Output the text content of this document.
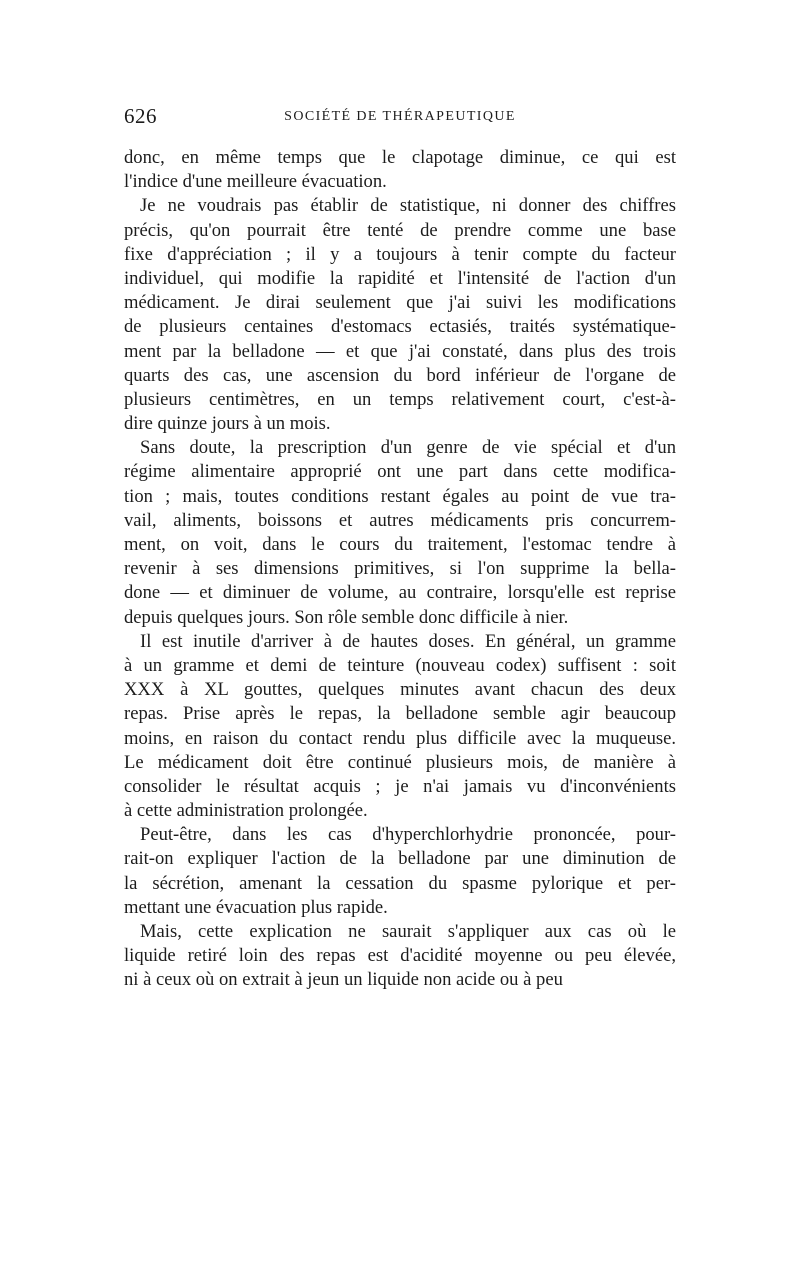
626	SOCIÉTÉ DE THÉRAPEUTIQUE
donc, en même temps que le clapotage diminue, ce qui est
l'indice d'une meilleure évacuation.
Je ne voudrais pas établir de statistique, ni donner des chiffres
précis, qu'on pourrait être tenté de prendre comme une base
fixe d'appréciation ; il y a toujours à tenir compte du facteur
individuel, qui modifie la rapidité et l'intensité de l'action d'un
médicament. Je dirai seulement que j'ai suivi les modifications
de plusieurs centaines d'estomacs ectasiés, traités systématique-
ment par la belladone — et que j'ai constaté, dans plus des trois
quarts des cas, une ascension du bord inférieur de l'organe de
plusieurs centimètres, en un temps relativement court, c'est-à-
dire quinze jours à un mois.
Sans doute, la prescription d'un genre de vie spécial et d'un
régime alimentaire approprié ont une part dans cette modifica-
tion ; mais, toutes conditions restant égales au point de vue tra-
vail, aliments, boissons et autres médicaments pris concurrem-
ment, on voit, dans le cours du traitement, l'estomac tendre à
revenir à ses dimensions primitives, si l'on supprime la bella-
done — et diminuer de volume, au contraire, lorsqu'elle est reprise
depuis quelques jours. Son rôle semble donc difficile à nier.
Il est inutile d'arriver à de hautes doses. En général, un gramme
à un gramme et demi de teinture (nouveau codex) suffisent : soit
XXX à XL gouttes, quelques minutes avant chacun des deux
repas. Prise après le repas, la belladone semble agir beaucoup
moins, en raison du contact rendu plus difficile avec la muqueuse.
Le médicament doit être continué plusieurs mois, de manière à
consolider le résultat acquis ; je n'ai jamais vu d'inconvénients
à cette administration prolongée.
Peut-être, dans les cas d'hyperchlorhydrie prononcée, pour-
rait-on expliquer l'action de la belladone par une diminution de
la sécrétion, amenant la cessation du spasme pylorique et per-
mettant une évacuation plus rapide.
Mais, cette explication ne saurait s'appliquer aux cas où le
liquide retiré loin des repas est d'acidité moyenne ou peu élevée,
ni à ceux où on extrait à jeun un liquide non acide ou à peu
